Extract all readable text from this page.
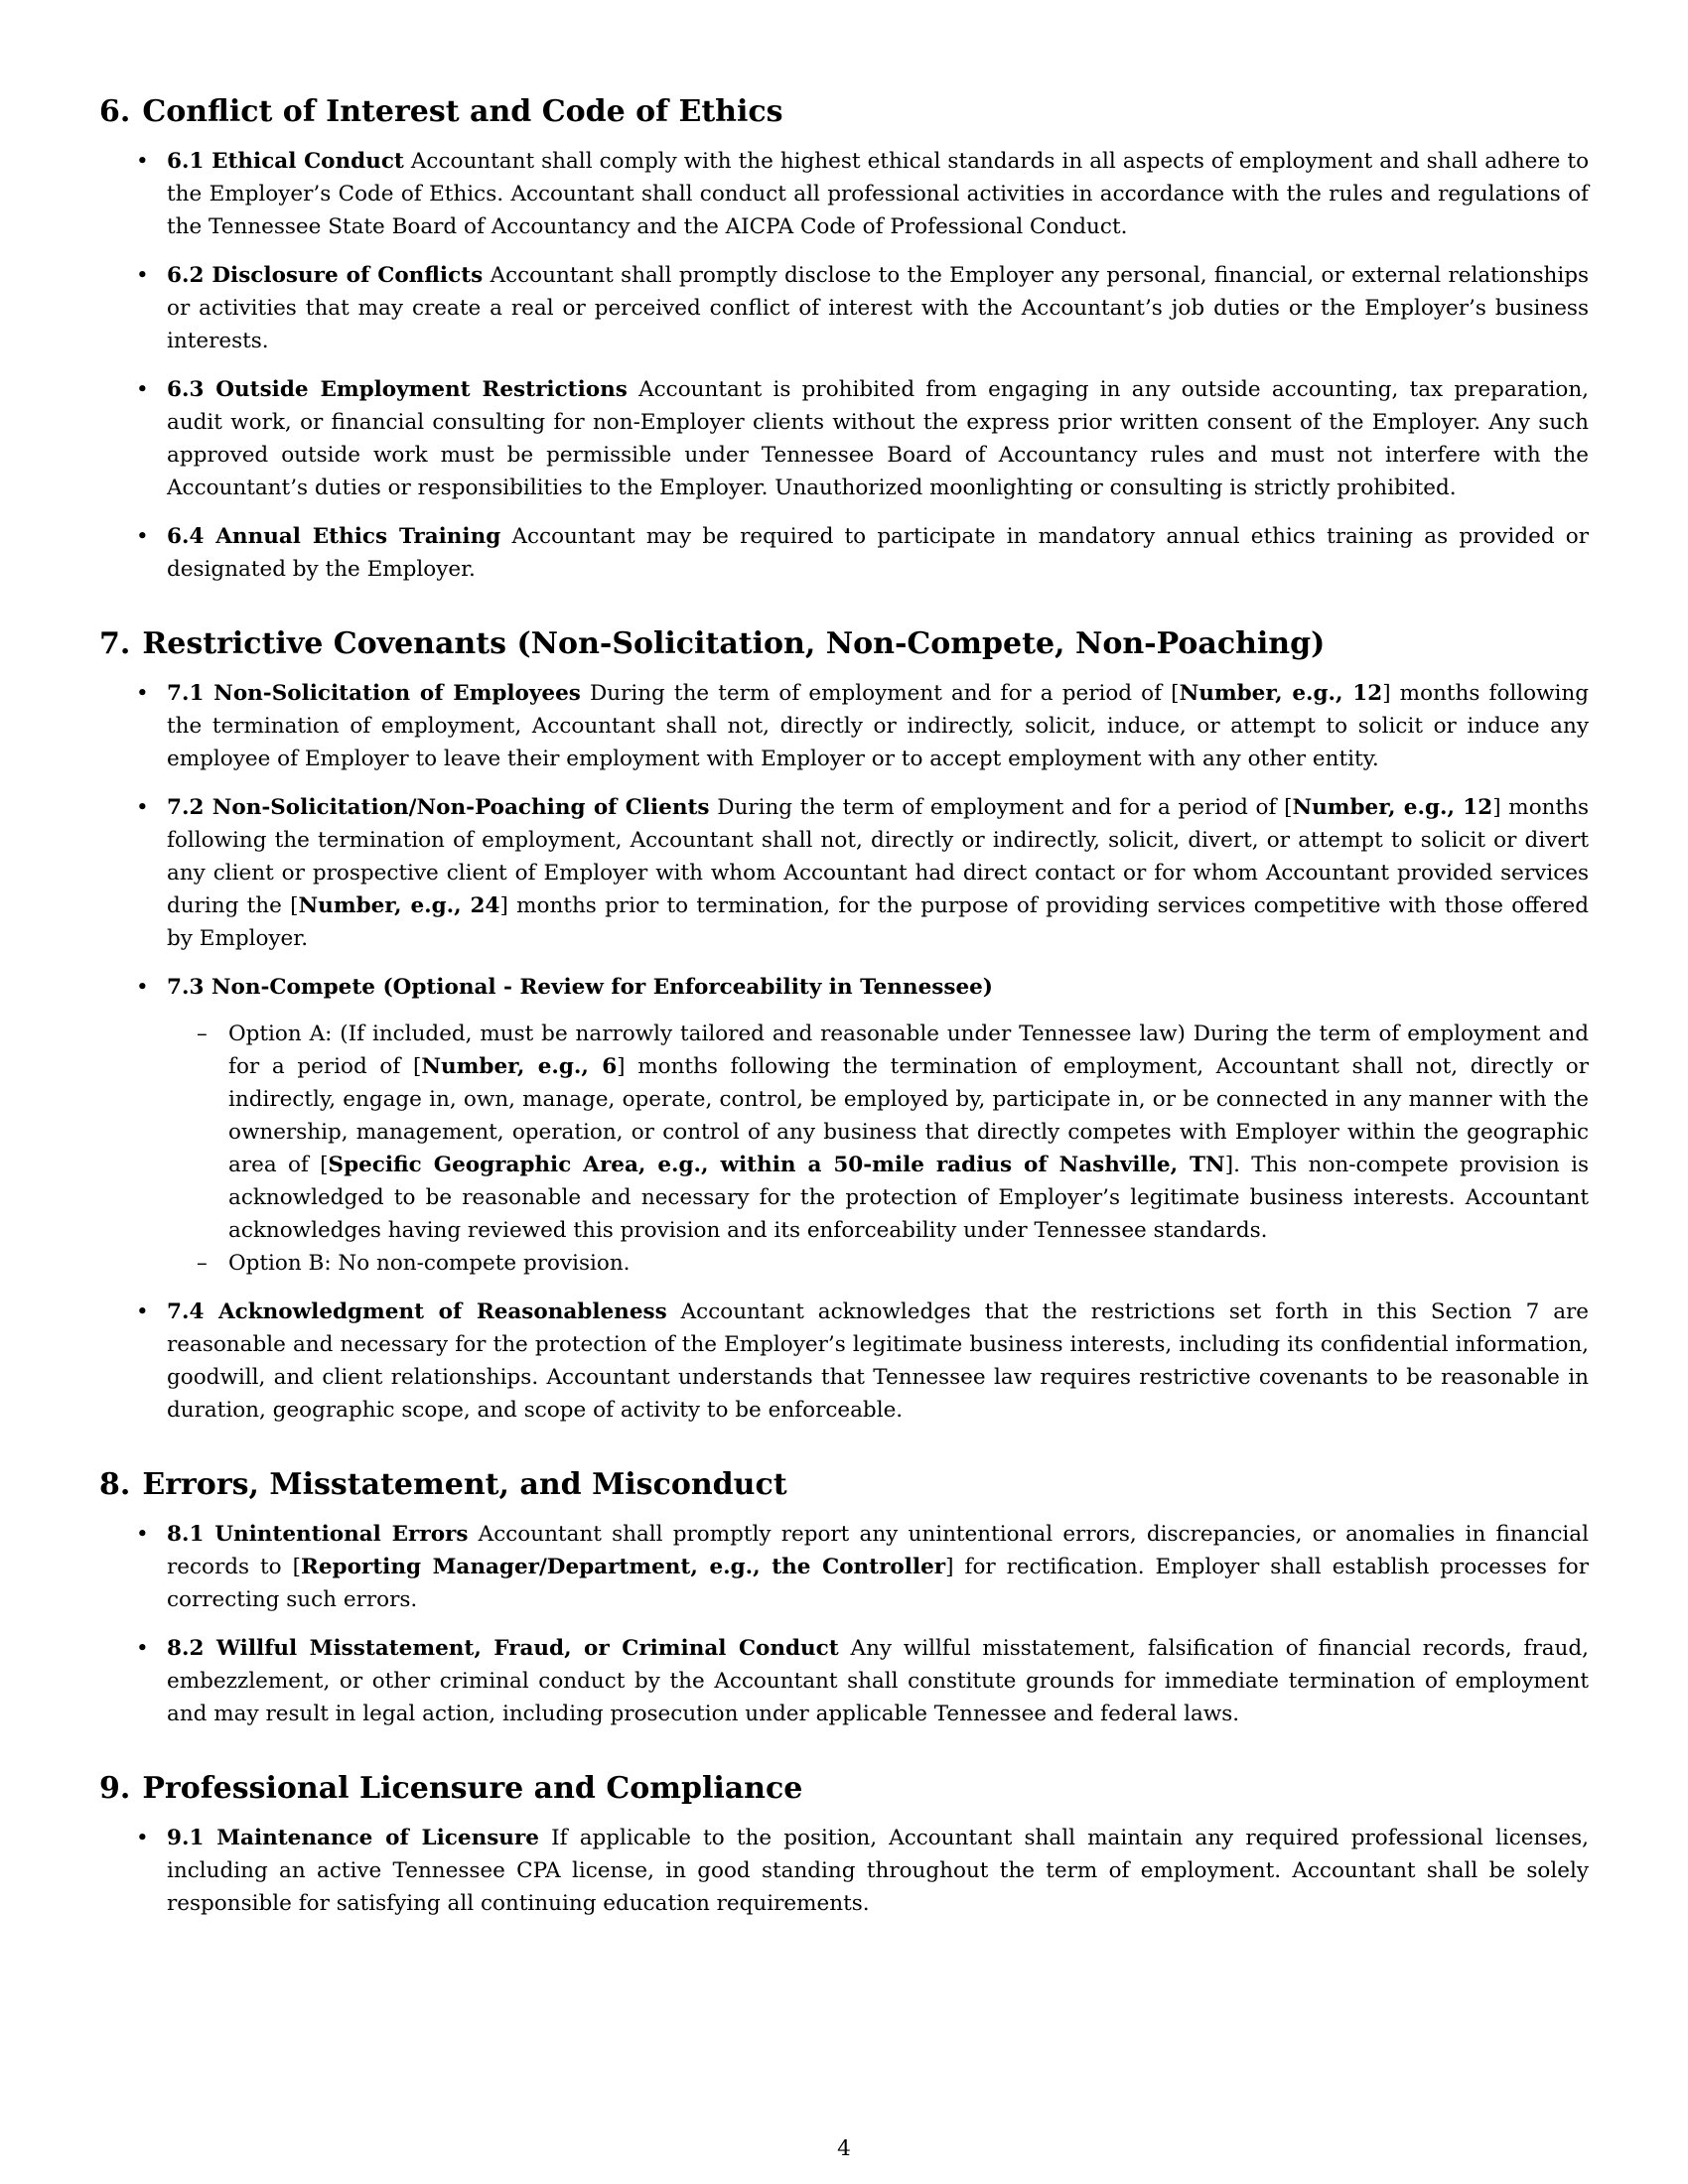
6. Conflict of Interest and Code of Ethics
• 6.1 Ethical Conduct Accountant shall comply with the highest ethical standards in all aspects of employment and shall adhere to the Employer’s Code of Ethics. Accountant shall conduct all professional activities in accordance with the rules and regulations of the Tennessee State Board of Accountancy and the AICPA Code of Professional Conduct.
• 6.2 Disclosure of Conflicts Accountant shall promptly disclose to the Employer any personal, financial, or external relationships or activities that may create a real or perceived conflict of interest with the Accountant’s job duties or the Employer’s business interests.
• 6.3 Outside Employment Restrictions Accountant is prohibited from engaging in any outside accounting, tax preparation, audit work, or financial consulting for non-Employer clients without the express prior written consent of the Employer. Any such approved outside work must be permissible under Tennessee Board of Accountancy rules and must not interfere with the Accountant’s duties or responsibilities to the Employer. Unauthorized moonlighting or consulting is strictly prohibited.
• 6.4 Annual Ethics Training Accountant may be required to participate in mandatory annual ethics training as provided or designated by the Employer.
7. Restrictive Covenants (Non-Solicitation, Non-Compete, Non-Poaching)
• 7.1 Non-Solicitation of Employees During the term of employment and for a period of [Number, e.g., 12] months following the termination of employment, Accountant shall not, directly or indirectly, solicit, induce, or attempt to solicit or induce any employee of Employer to leave their employment with Employer or to accept employment with any other entity.
• 7.2 Non-Solicitation/Non-Poaching of Clients During the term of employment and for a period of [Number, e.g., 12] months following the termination of employment, Accountant shall not, directly or indirectly, solicit, divert, or attempt to solicit or divert any client or prospective client of Employer with whom Accountant had direct contact or for whom Accountant provided services during the [Number, e.g., 24] months prior to termination, for the purpose of providing services competitive with those offered by Employer.
• 7.3 Non-Compete (Optional - Review for Enforceability in Tennessee)
– Option A: (If included, must be narrowly tailored and reasonable under Tennessee law) During the term of employment and for a period of [Number, e.g., 6] months following the termination of employment, Accountant shall not, directly or indirectly, engage in, own, manage, operate, control, be employed by, participate in, or be connected in any manner with the ownership, management, operation, or control of any business that directly competes with Employer within the geographic area of [Specific Geographic Area, e.g., within a 50-mile radius of Nashville, TN]. This non-compete provision is acknowledged to be reasonable and necessary for the protection of Employer’s legitimate business interests. Accountant acknowledges having reviewed this provision and its enforceability under Tennessee standards.
– Option B: No non-compete provision.
• 7.4 Acknowledgment of Reasonableness Accountant acknowledges that the restrictions set forth in this Section 7 are reasonable and necessary for the protection of the Employer’s legitimate business interests, including its confidential information, goodwill, and client relationships. Accountant understands that Tennessee law requires restrictive covenants to be reasonable in duration, geographic scope, and scope of activity to be enforceable.
8. Errors, Misstatement, and Misconduct
• 8.1 Unintentional Errors Accountant shall promptly report any unintentional errors, discrepancies, or anomalies in financial records to [Reporting Manager/Department, e.g., the Controller] for rectification. Employer shall establish processes for correcting such errors.
• 8.2 Willful Misstatement, Fraud, or Criminal Conduct Any willful misstatement, falsification of financial records, fraud, embezzlement, or other criminal conduct by the Accountant shall constitute grounds for immediate termination of employment and may result in legal action, including prosecution under applicable Tennessee and federal laws.
9. Professional Licensure and Compliance
• 9.1 Maintenance of Licensure If applicable to the position, Accountant shall maintain any required professional licenses, including an active Tennessee CPA license, in good standing throughout the term of employment. Accountant shall be solely responsible for satisfying all continuing education requirements.
4
